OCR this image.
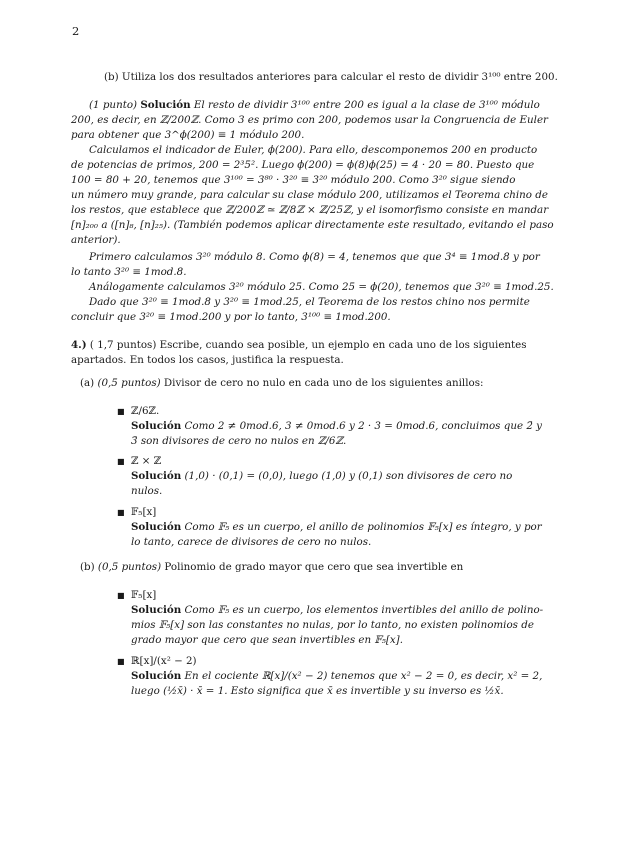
2
(b) Utiliza los dos resultados anteriores para calcular el resto de dividir 3¹⁰⁰ entre 200.
(1 punto) Solución El resto de dividir 3¹⁰⁰ entre 200 es igual a la clase de 3¹⁰⁰ módulo
200, es decir, en ℤ/200ℤ. Como 3 es primo con 200, podemos usar la Congruencia de Euler
para obtener que 3^ϕ(200) ≡ 1 módulo 200.
Calculamos el indicador de Euler, ϕ(200). Para ello, descomponemos 200 en producto
de potencias de primos, 200 = 2³5². Luego ϕ(200) = ϕ(8)ϕ(25) = 4 · 20 = 80. Puesto que
100 = 80 + 20, tenemos que 3¹⁰⁰ = 3⁸⁰ · 3²⁰ ≡ 3²⁰ módulo 200. Como 3²⁰ sigue siendo
un número muy grande, para calcular su clase módulo 200, utilizamos el Teorema chino de
los restos, que establece que ℤ/200ℤ ≃ ℤ/8ℤ × ℤ/25ℤ, y el isomorfismo consiste en mandar
[n]₂₀₀ a ([n]₈, [n]₂₅). (También podemos aplicar directamente este resultado, evitando el paso
anterior).
Primero calculamos 3²⁰ módulo 8. Como ϕ(8) = 4, tenemos que que 3⁴ ≡ 1mod.8 y por
lo tanto 3²⁰ ≡ 1mod.8.
Análogamente calculamos 3²⁰ módulo 25. Como 25 = ϕ(20), tenemos que 3²⁰ ≡ 1mod.25.
Dado que 3²⁰ ≡ 1mod.8 y 3²⁰ ≡ 1mod.25, el Teorema de los restos chino nos permite
concluir que 3²⁰ ≡ 1mod.200 y por lo tanto, 3¹⁰⁰ ≡ 1mod.200.
4.) ( 1,7 puntos) Escribe, cuando sea posible, un ejemplo en cada uno de los siguientes
apartados. En todos los casos, justifica la respuesta.
(a) (0,5 puntos) Divisor de cero no nulo en cada uno de los siguientes anillos:
■ ℤ/6ℤ.
Solución Como 2 ≠ 0mod.6, 3 ≠ 0mod.6 y 2 · 3 = 0mod.6, concluimos que 2̄ y
3̄ son divisores de cero no nulos en ℤ/6ℤ.
■ ℤ × ℤ
Solución (1,0) · (0,1) = (0,0), luego (1,0) y (0,1) son divisores de cero no
nulos.
■ 𝔽₅[x]
Solución Como 𝔽₅ es un cuerpo, el anillo de polinomios 𝔽₅[x] es íntegro, y por
lo tanto, carece de divisores de cero no nulos.
(b) (0,5 puntos) Polinomio de grado mayor que cero que sea invertible en
■ 𝔽₅[x]
Solución Como 𝔽₅ es un cuerpo, los elementos invertibles del anillo de polino-
mios 𝔽₅[x] son las constantes no nulas, por lo tanto, no existen polinomios de
grado mayor que cero que sean invertibles en 𝔽₅[x].
■ ℝ[x]/(x² − 2)
Solución En el cociente ℝ[x]/(x² − 2) tenemos que x² − 2 = 0, es decir, x² = 2,
luego (½x̄) · x̄ = 1. Esto significa que x̄ es invertible y su inverso es ½x̄.
